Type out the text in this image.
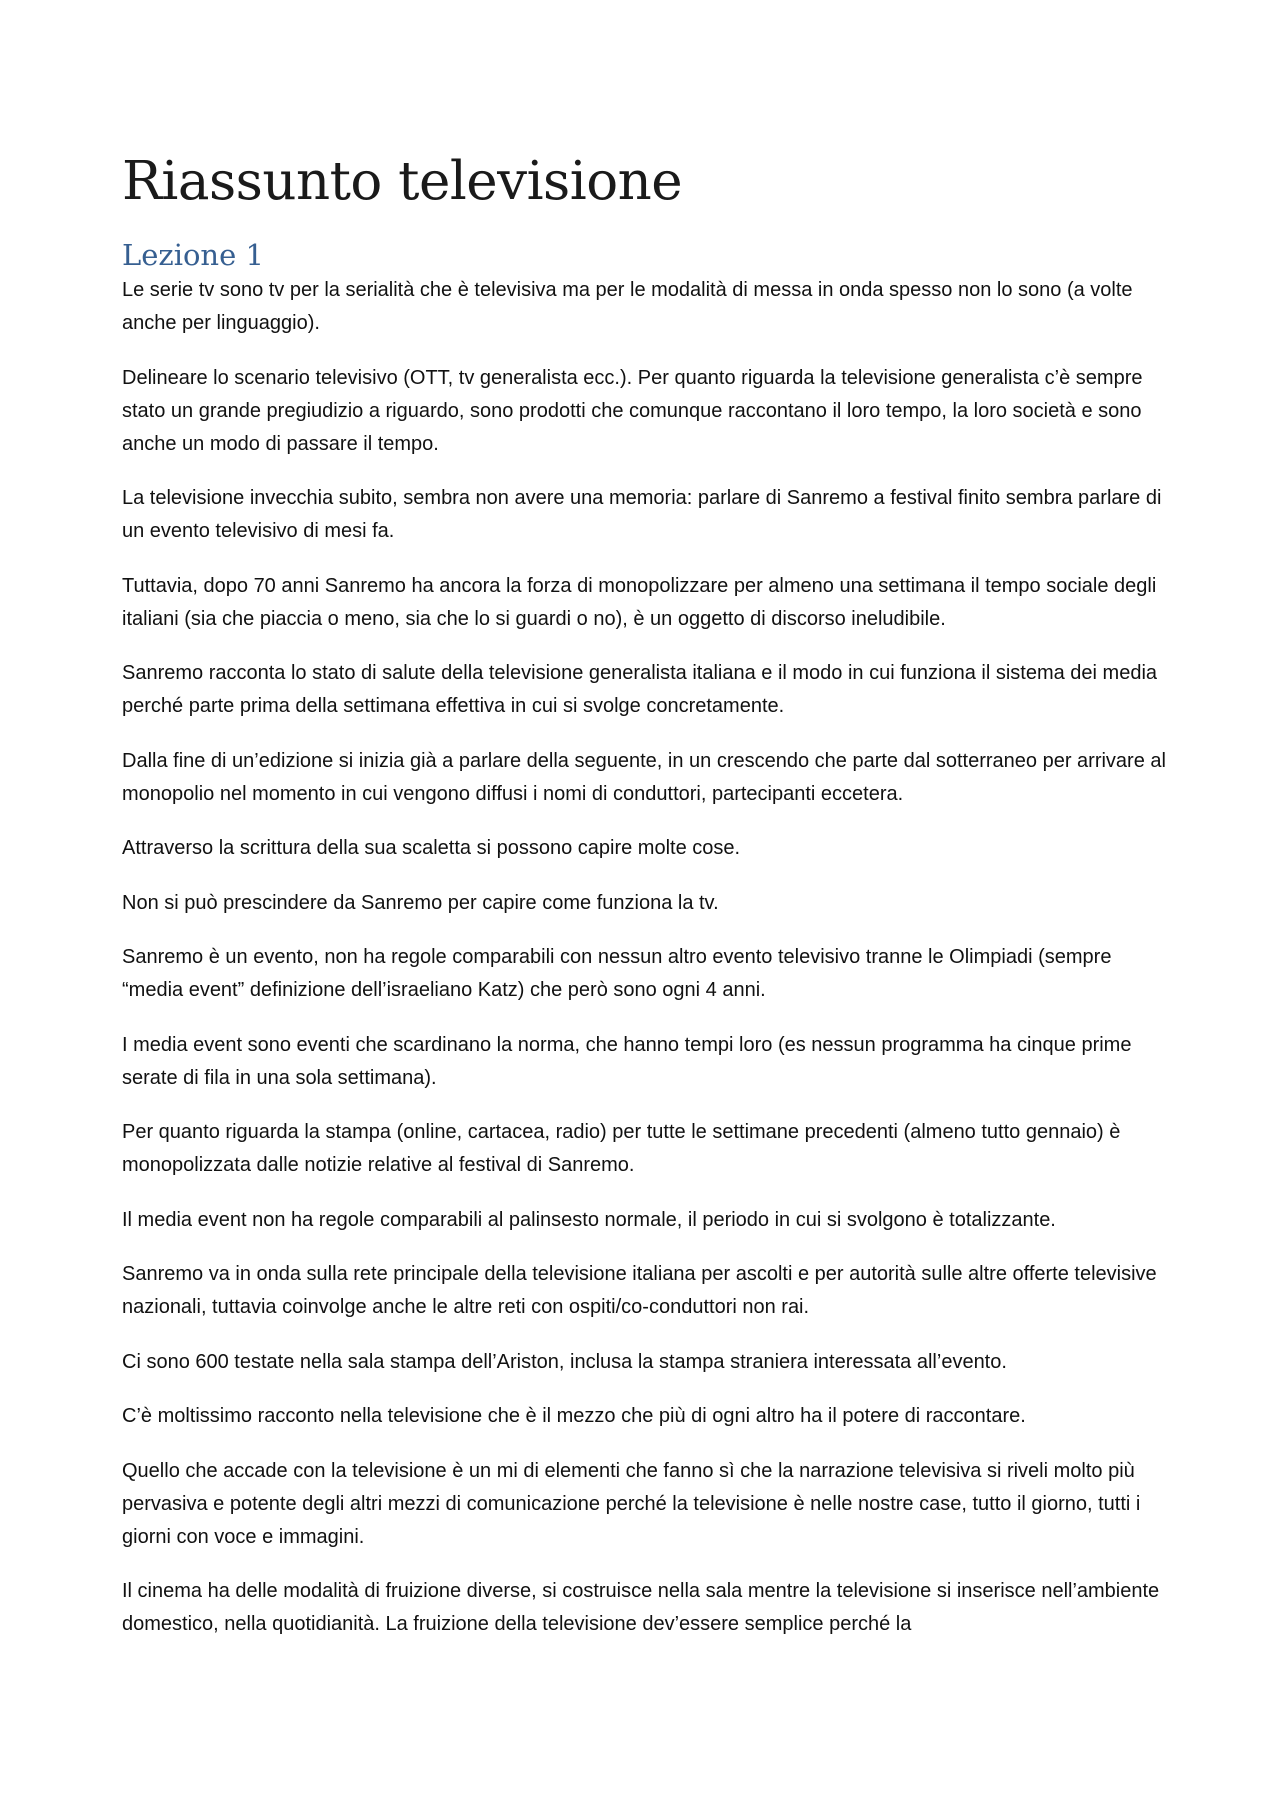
Riassunto televisione
Lezione 1

Le serie tv sono tv per la serialità che è televisiva ma per le modalità di messa in onda spesso non lo sono (a volte anche per linguaggio).

Delineare lo scenario televisivo (OTT, tv generalista ecc.). Per quanto riguarda la televisione generalista c’è sempre stato un grande pregiudizio a riguardo, sono prodotti che comunque raccontano il loro tempo, la loro società e sono anche un modo di passare il tempo.

La televisione invecchia subito, sembra non avere una memoria: parlare di Sanremo a festival finito sembra parlare di un evento televisivo di mesi fa.

Tuttavia, dopo 70 anni Sanremo ha ancora la forza di monopolizzare per almeno una settimana il tempo sociale degli italiani (sia che piaccia o meno, sia che lo si guardi o no), è un oggetto di discorso ineludibile.

Sanremo racconta lo stato di salute della televisione generalista italiana e il modo in cui funziona il sistema dei media perché parte prima della settimana effettiva in cui si svolge concretamente.

Dalla fine di un’edizione si inizia già a parlare della seguente, in un crescendo che parte dal sotterraneo per arrivare al monopolio nel momento in cui vengono diffusi i nomi di conduttori, partecipanti eccetera.

Attraverso la scrittura della sua scaletta si possono capire molte cose.

Non si può prescindere da Sanremo per capire come funziona la tv.

Sanremo è un evento, non ha regole comparabili con nessun altro evento televisivo tranne le Olimpiadi (sempre “media event” definizione dell’israeliano Katz) che però sono ogni 4 anni.

I media event sono eventi che scardinano la norma, che hanno tempi loro (es nessun programma ha cinque prime serate di fila in una sola settimana).

Per quanto riguarda la stampa (online, cartacea, radio) per tutte le settimane precedenti (almeno tutto gennaio) è monopolizzata dalle notizie relative al festival di Sanremo.

Il media event non ha regole comparabili al palinsesto normale, il periodo in cui si svolgono è totalizzante.

Sanremo va in onda sulla rete principale della televisione italiana per ascolti e per autorità sulle altre offerte televisive nazionali, tuttavia coinvolge anche le altre reti con ospiti/co-conduttori non rai.

Ci sono 600 testate nella sala stampa dell’Ariston, inclusa la stampa straniera interessata all’evento.

C’è moltissimo racconto nella televisione che è il mezzo che più di ogni altro ha il potere di raccontare.

Quello che accade con la televisione è un mi di elementi che fanno sì che la narrazione televisiva si riveli molto più pervasiva e potente degli altri mezzi di comunicazione perché la televisione è nelle nostre case, tutto il giorno, tutti i giorni con voce e immagini.

Il cinema ha delle modalità di fruizione diverse, si costruisce nella sala mentre la televisione si inserisce nell’ambiente domestico, nella quotidianità. La fruizione della televisione dev’essere semplice perché la
